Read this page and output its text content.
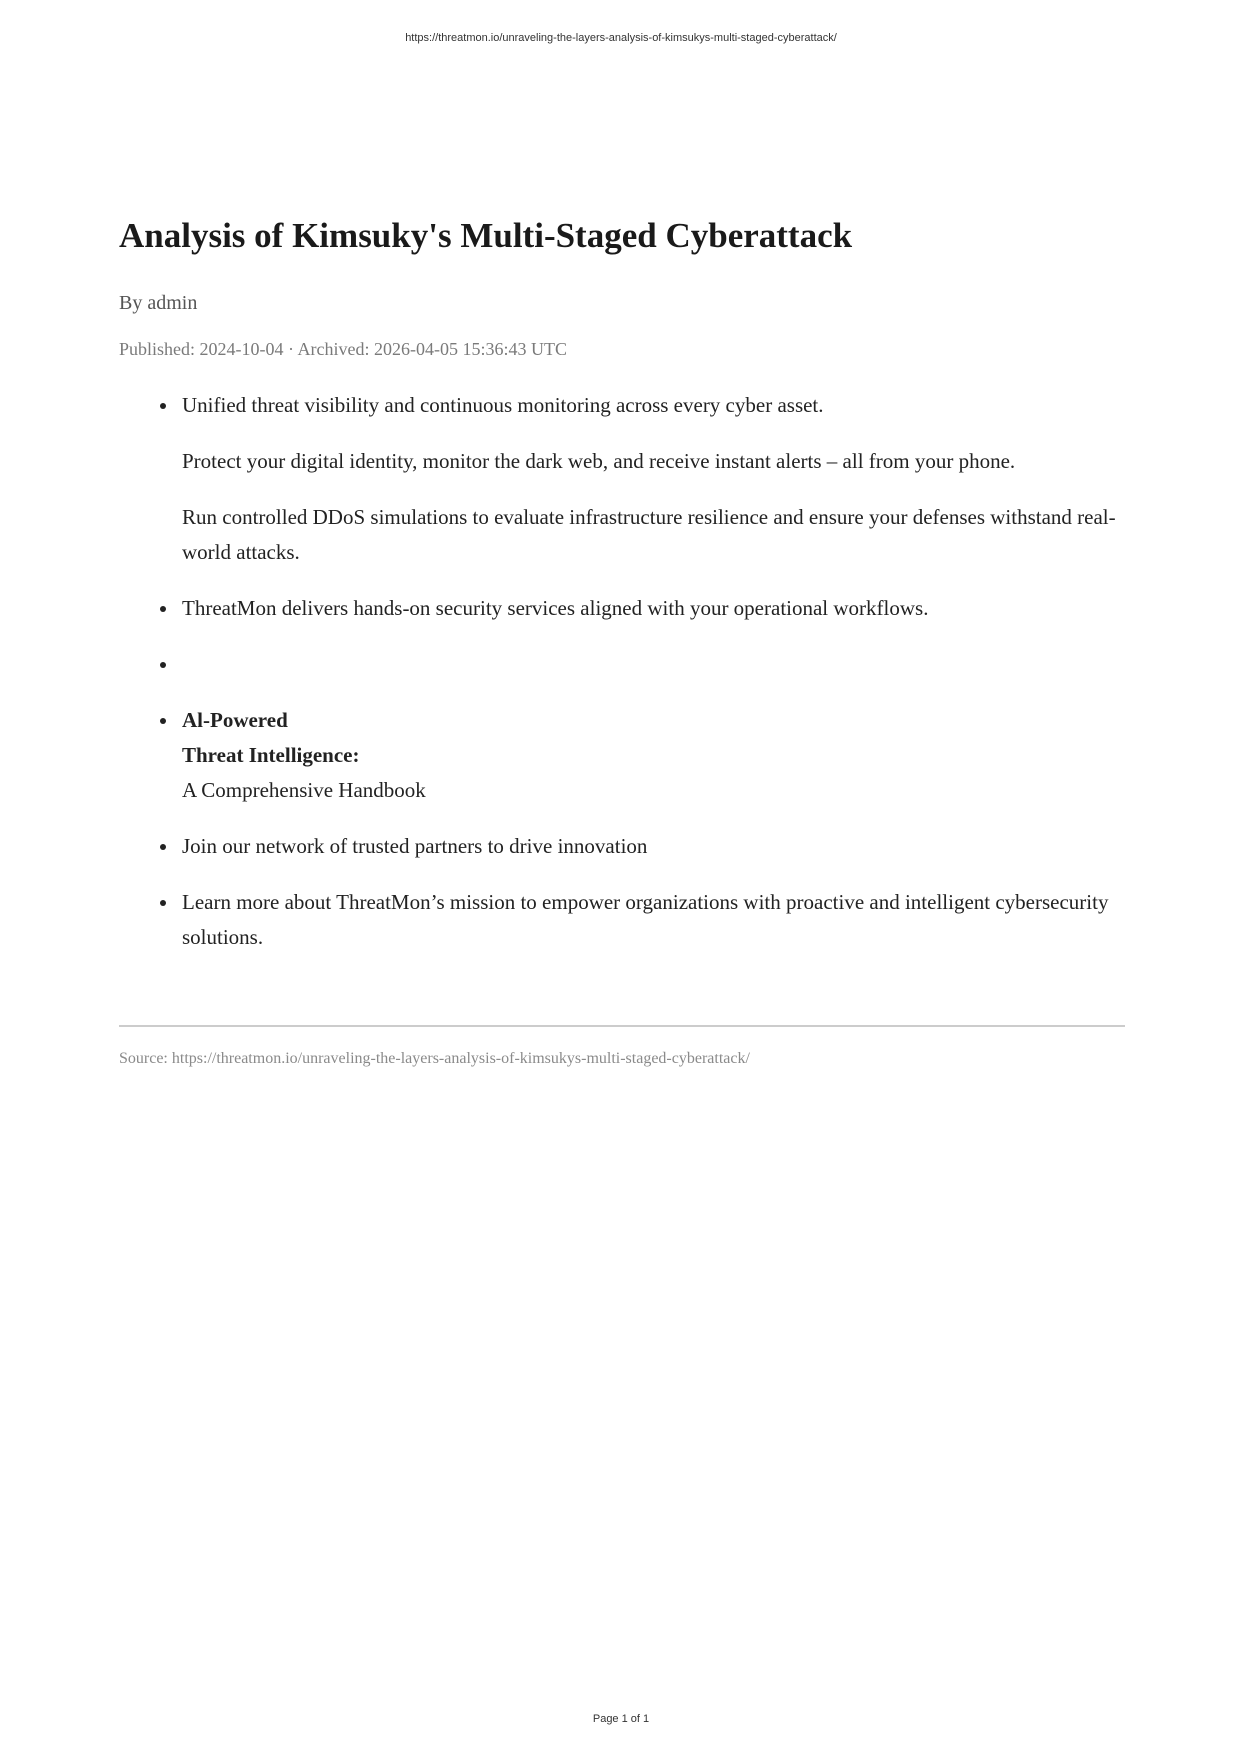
https://threatmon.io/unraveling-the-layers-analysis-of-kimsukys-multi-staged-cyberattack/
Analysis of Kimsuky's Multi-Staged Cyberattack
By admin
Published: 2024-10-04 · Archived: 2026-04-05 15:36:43 UTC

Unified threat visibility and continuous monitoring across every cyber asset.

Protect your digital identity, monitor the dark web, and receive instant alerts – all from your phone.

Run controlled DDoS simulations to evaluate infrastructure resilience and ensure your defenses withstand real-world attacks.

ThreatMon delivers hands-on security services aligned with your operational workflows.

Al-Powered
Threat Intelligence:
A Comprehensive Handbook

Join our network of trusted partners to drive innovation

Learn more about ThreatMon’s mission to empower organizations with proactive and intelligent cybersecurity solutions.

Source: https://threatmon.io/unraveling-the-layers-analysis-of-kimsukys-multi-staged-cyberattack/
Page 1 of 1
